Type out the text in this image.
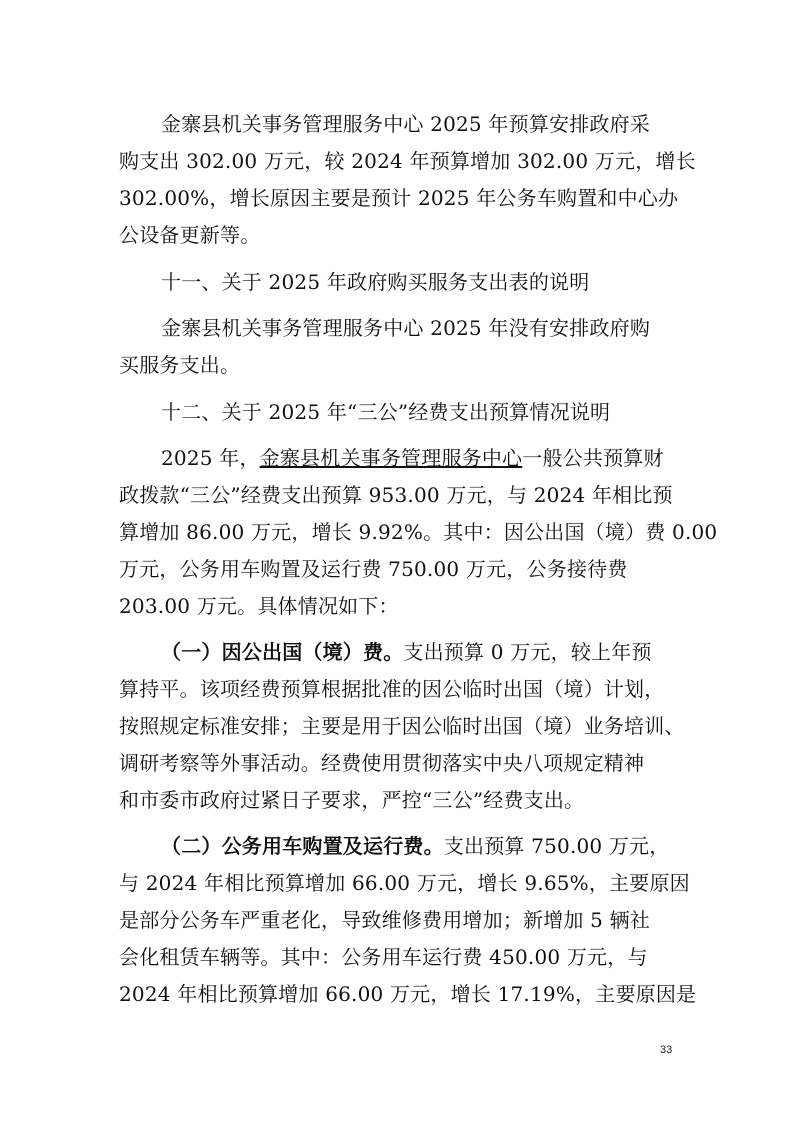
金寨县机关事务管理服务中心 2025 年预算安排政府采
购支出 302.00 万元，较 2024 年预算增加 302.00 万元，增长
302.00%，增长原因主要是预计 2025 年公务车购置和中心办
公设备更新等。
十一、关于 2025 年政府购买服务支出表的说明
金寨县机关事务管理服务中心 2025 年没有安排政府购
买服务支出。
十二、关于 2025 年“三公”经费支出预算情况说明
2025 年，金寨县机关事务管理服务中心一般公共预算财
政拨款“三公”经费支出预算 953.00 万元，与 2024 年相比预
算增加 86.00 万元，增长 9.92%。其中：因公出国（境）费 0.00
万元，公务用车购置及运行费 750.00 万元，公务接待费
203.00 万元。具体情况如下：
（一）因公出国（境）费。支出预算 0 万元，较上年预
算持平。该项经费预算根据批准的因公临时出国（境）计划，
按照规定标准安排；主要是用于因公临时出国（境）业务培训、
调研考察等外事活动。经费使用贯彻落实中央八项规定精神
和市委市政府过紧日子要求，严控“三公”经费支出。
（二）公务用车购置及运行费。支出预算 750.00 万元，
与 2024 年相比预算增加 66.00 万元，增长 9.65%，主要原因
是部分公务车严重老化，导致维修费用增加；新增加 5 辆社
会化租赁车辆等。其中：公务用车运行费 450.00 万元，与
2024 年相比预算增加 66.00 万元，增长 17.19%，主要原因是
33
